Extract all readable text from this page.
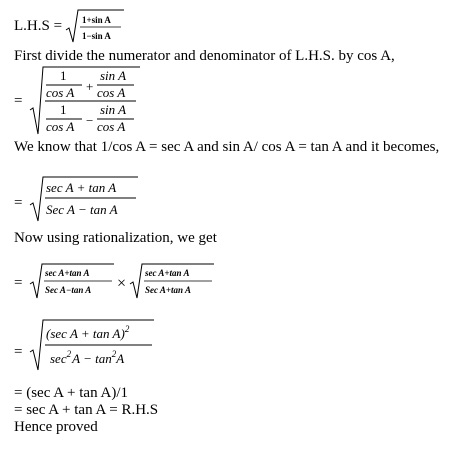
L.H.S = 1+sin A
1−sin A
First divide the numerator and denominator of L.H.S. by cos A,
=
1
cos A +
sin A
cos A
1
cos A −
sin A
cos A
We know that 1/cos A = sec A and sin A/ cos A = tan A and it becomes,
=
sec A + tan A
Sec A − tan A
Now using rationalization, we get
=
sec A+tan A
Sec A−tan A ×
sec A+tan A
Sec A+tan A
=
(sec A + tan A)$^2$
$\sec^2A - \tan^2A$
= (sec A + tan A)/1
= sec A + tan A = R.H.S
Hence proved
